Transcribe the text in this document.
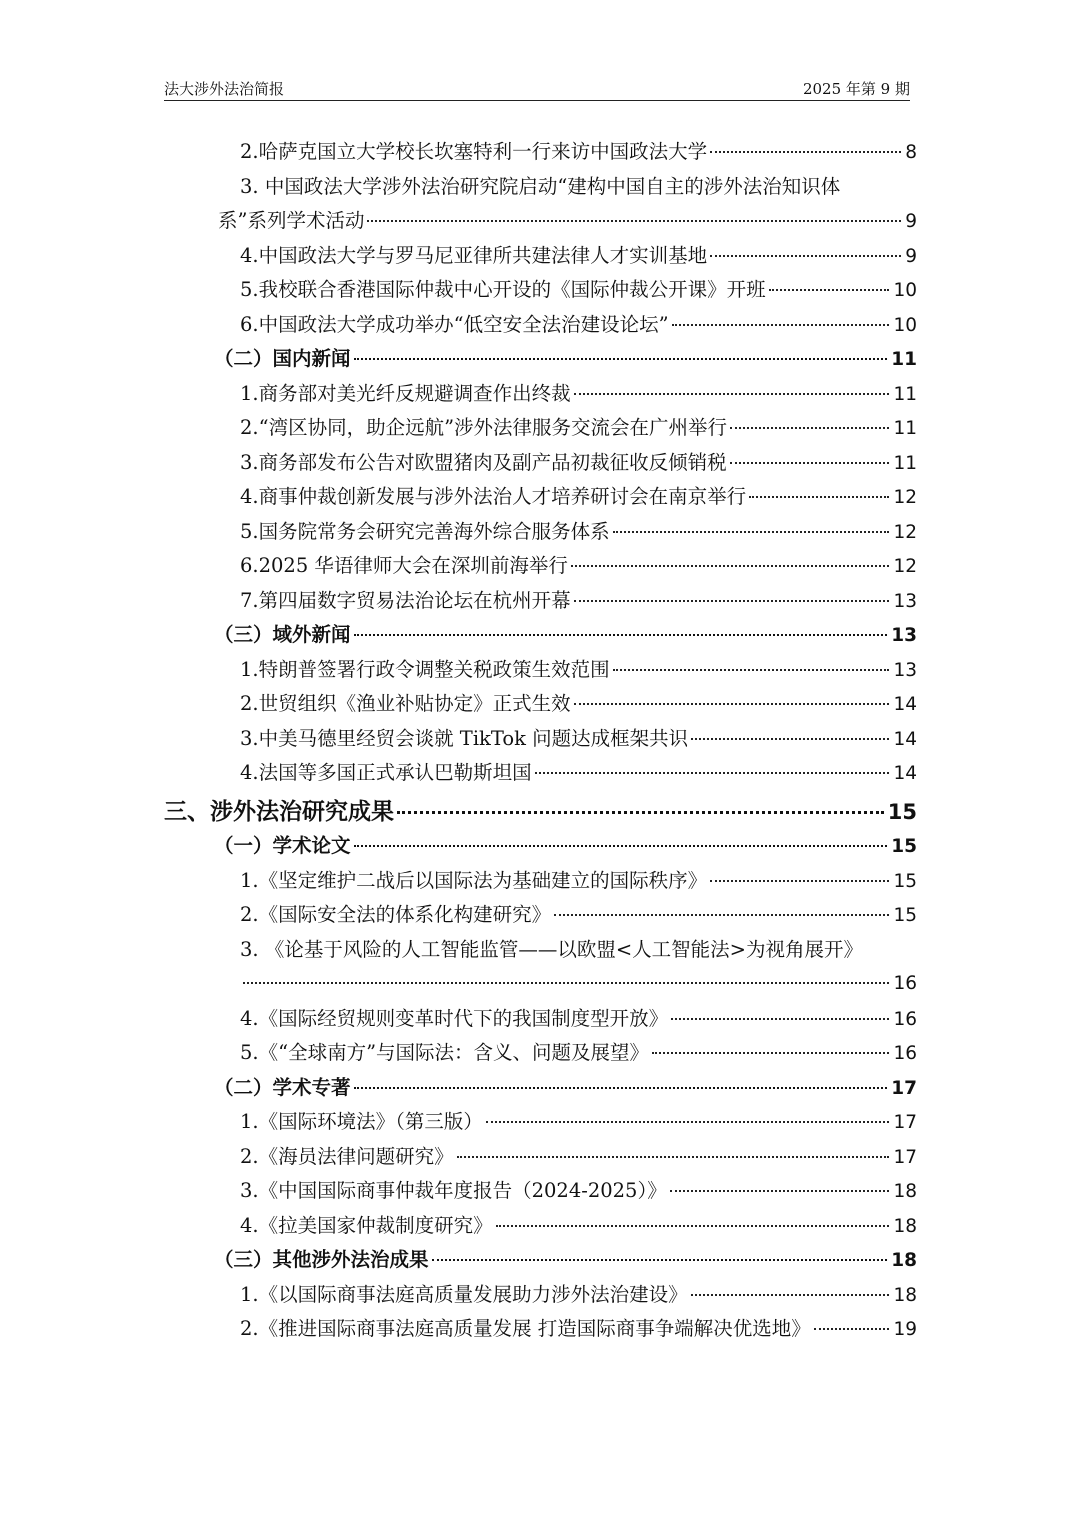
法大涉外法治简报	2025 年第 9 期
2. 哈萨克国立大学校长坎塞特利一行来访中国政法大学	8
3. 中国政法大学涉外法治研究院启动“建构中国自主的涉外法治知识体
系”系列学术活动	9
4. 中国政法大学与罗马尼亚律所共建法律人才实训基地	9
5. 我校联合香港国际仲裁中心开设的《国际仲裁公开课》开班	10
6. 中国政法大学成功举办“低空安全法治建设论坛”	10
（二） 国内新闻	11
1. 商务部对美光纤反规避调查作出终裁	11
2. “湾区协同，助企远航”涉外法律服务交流会在广州举行	11
3. 商务部发布公告对欧盟猪肉及副产品初裁征收反倾销税	11
4. 商事仲裁创新发展与涉外法治人才培养研讨会在南京举行	12
5. 国务院常务会研究完善海外综合服务体系	12
6. 2025 华语律师大会在深圳前海举行	12
7. 第四届数字贸易法治论坛在杭州开幕	13
（三） 域外新闻	13
1. 特朗普签署行政令调整关税政策生效范围	13
2. 世贸组织《渔业补贴协定》正式生效	14
3. 中美马德里经贸会谈就 TikTok 问题达成框架共识	14
4. 法国等多国正式承认巴勒斯坦国	14
三、 涉外法治研究成果	15
（一） 学术论文	15
1. 《坚定维护二战后以国际法为基础建立的国际秩序》	15
2. 《国际安全法的体系化构建研究》	15
3. 《论基于风险的人工智能监管——以欧盟<人工智能法>为视角展开》
16
4. 《国际经贸规则变革时代下的我国制度型开放》	16
5. 《“全球南方”与国际法：含义、问题及展望》	16
（二） 学术专著	17
1. 《国际环境法》（第三版）	17
2. 《海员法律问题研究》	17
3. 《中国国际商事仲裁年度报告（2024-2025）》	18
4. 《拉美国家仲裁制度研究》	18
（三） 其他涉外法治成果	18
1. 《以国际商事法庭高质量发展助力涉外法治建设》	18
2. 《推进国际商事法庭高质量发展 打造国际商事争端解决优选地》	19
